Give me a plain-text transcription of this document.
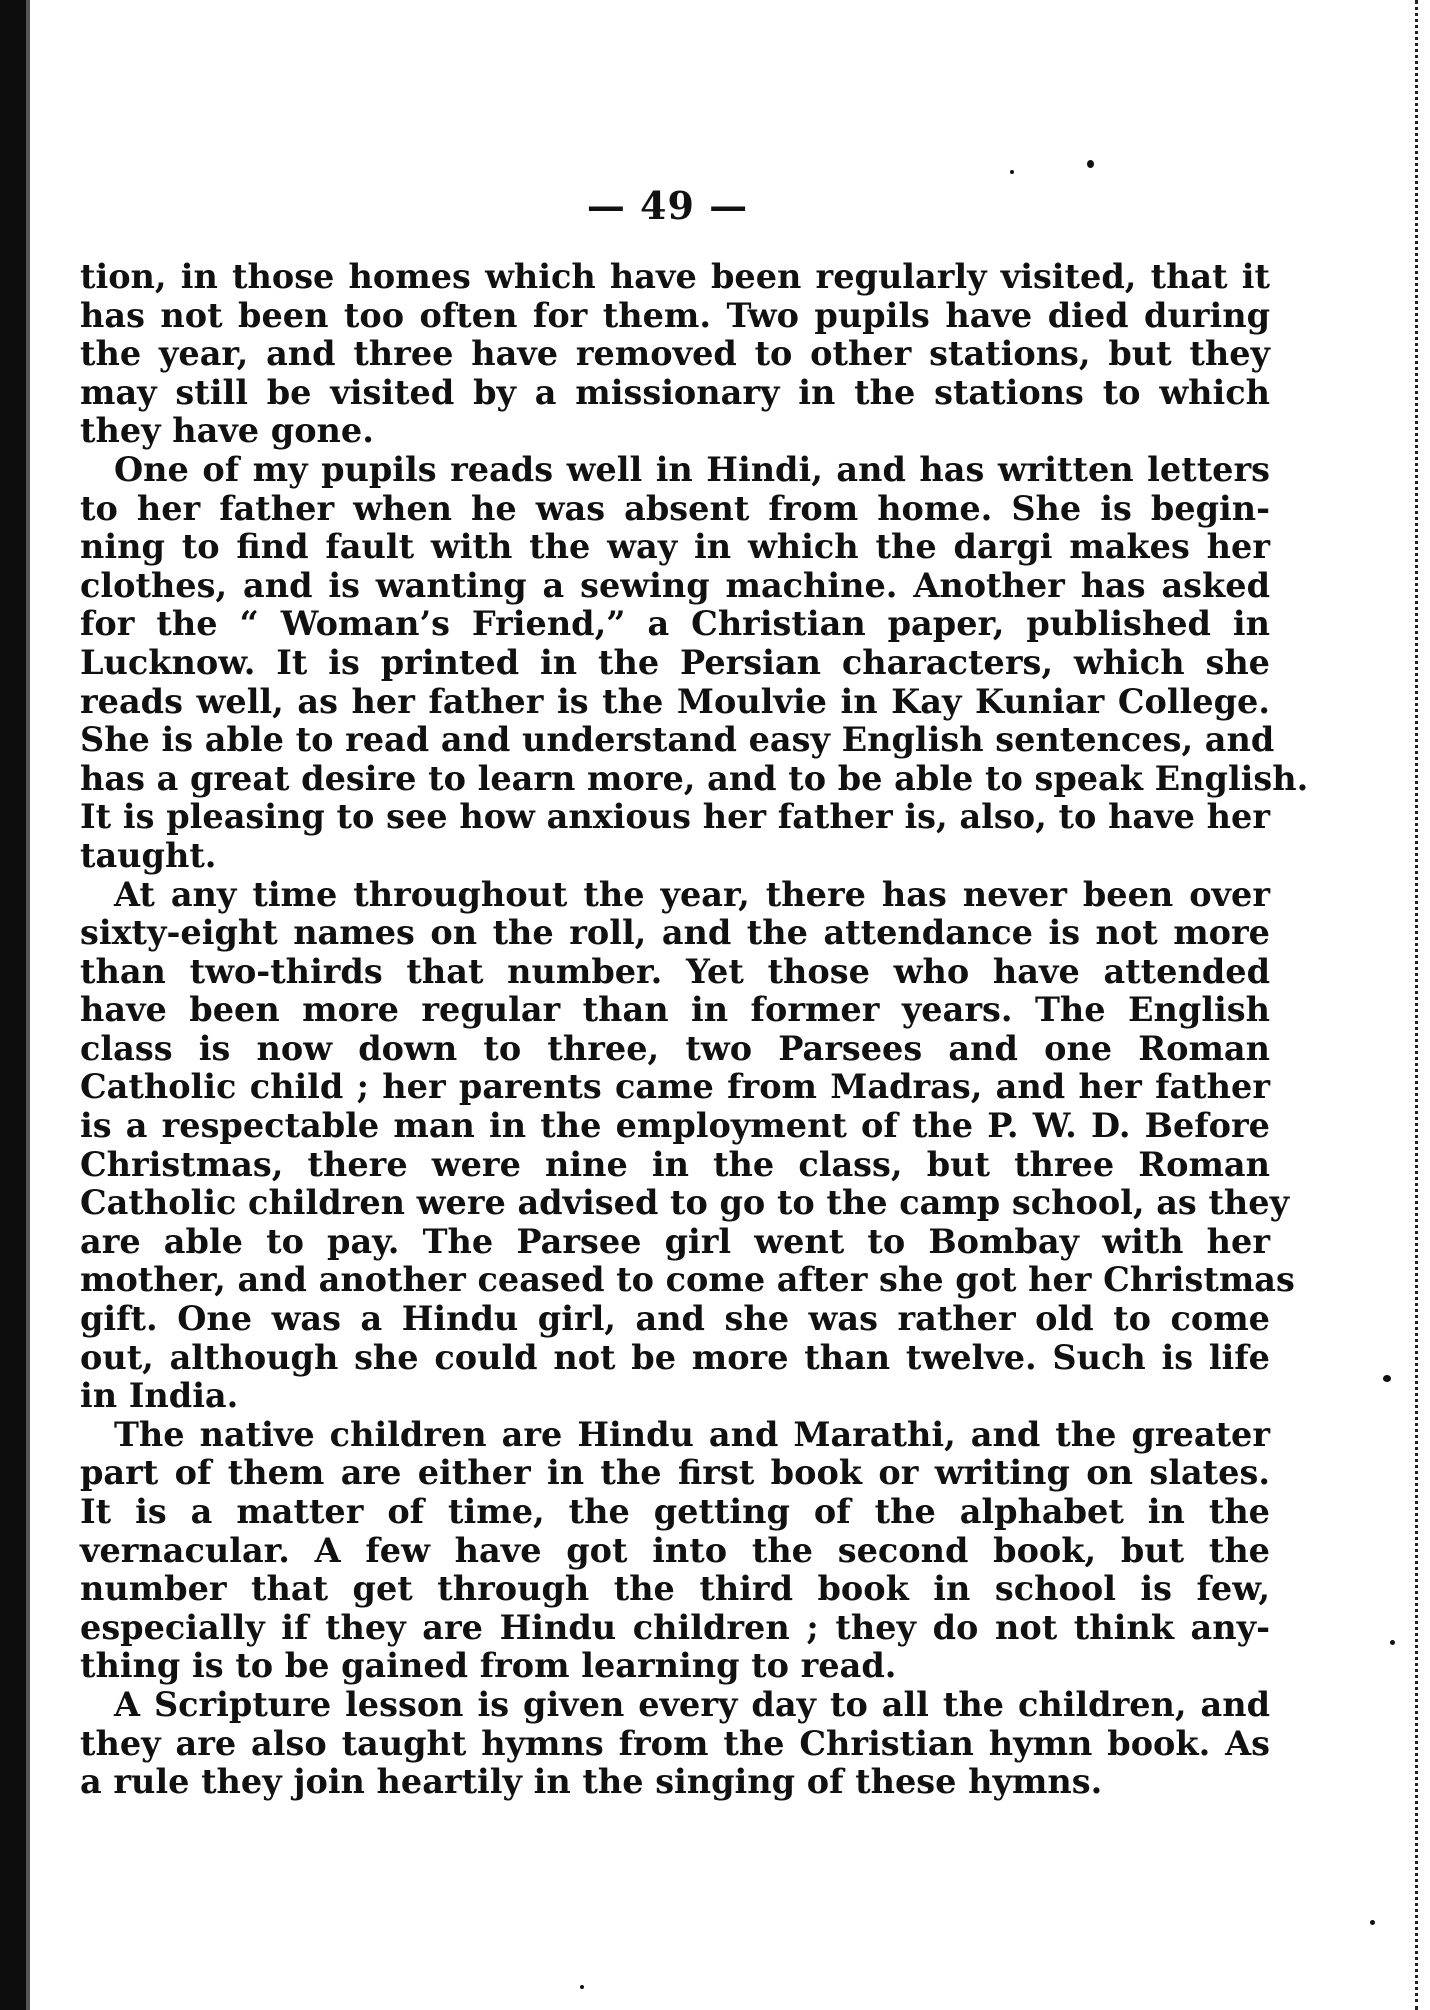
— 49 —
tion, in those homes which have been regularly visited, that it
has not been too often for them. Two pupils have died during
the year, and three have removed to other stations, but they
may still be visited by a missionary in the stations to which
they have gone.
One of my pupils reads well in Hindi, and has written letters
to her father when he was absent from home. She is begin-
ning to find fault with the way in which the dargi makes her
clothes, and is wanting a sewing machine. Another has asked
for the “ Woman’s Friend,” a Christian paper, published in
Lucknow. It is printed in the Persian characters, which she
reads well, as her father is the Moulvie in Kay Kuniar College.
She is able to read and understand easy English sentences, and
has a great desire to learn more, and to be able to speak English.
It is pleasing to see how anxious her father is, also, to have her
taught.
At any time throughout the year, there has never been over
sixty-eight names on the roll, and the attendance is not more
than two-thirds that number. Yet those who have attended
have been more regular than in former years. The English
class is now down to three, two Parsees and one Roman
Catholic child ; her parents came from Madras, and her father
is a respectable man in the employment of the P. W. D. Before
Christmas, there were nine in the class, but three Roman
Catholic children were advised to go to the camp school, as they
are able to pay. The Parsee girl went to Bombay with her
mother, and another ceased to come after she got her Christmas
gift. One was a Hindu girl, and she was rather old to come
out, although she could not be more than twelve. Such is life
in India.
The native children are Hindu and Marathi, and the greater
part of them are either in the first book or writing on slates.
It is a matter of time, the getting of the alphabet in the
vernacular. A few have got into the second book, but the
number that get through the third book in school is few,
especially if they are Hindu children ; they do not think any-
thing is to be gained from learning to read.
A Scripture lesson is given every day to all the children, and
they are also taught hymns from the Christian hymn book. As
a rule they join heartily in the singing of these hymns.
